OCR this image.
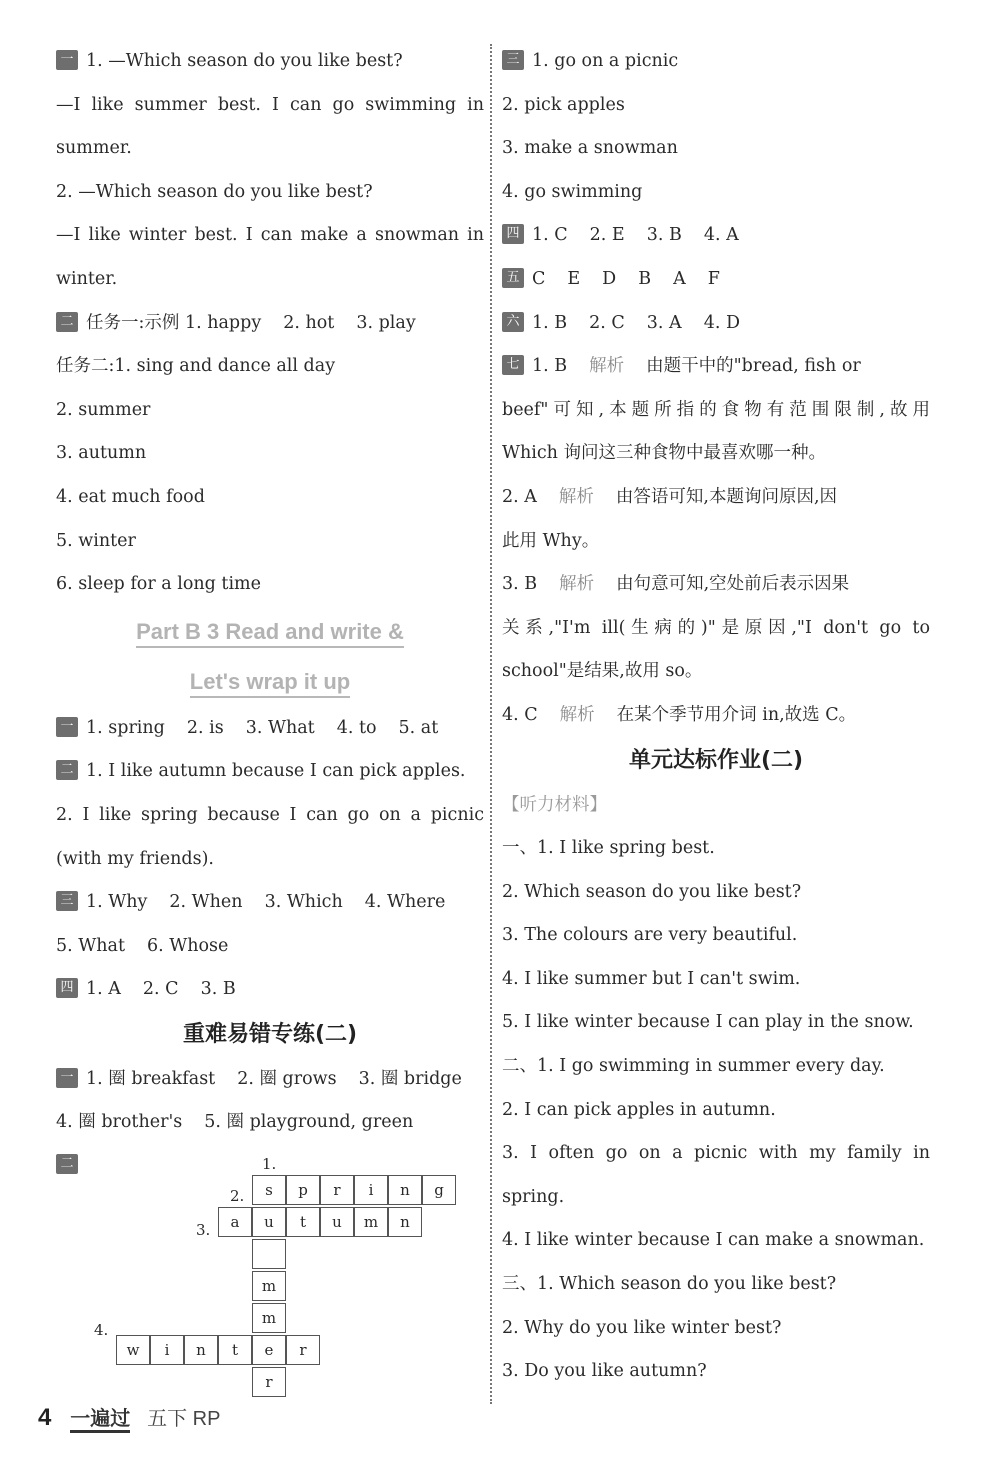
一 1. —Which season do you like best?
—I like summer best. I can go swimming in
summer.
2. —Which season do you like best?
—I like winter best. I can make a snowman in
winter.
二 任务一:示例 1. happy 2. hot 3. play
任务二:1. sing and dance all day
2. summer
3. autumn
4. eat much food
5. winter
6. sleep for a long time
Part B 3 Read and write &
Let's wrap it up
一 1. spring 2. is 3. What 4. to 5. at
二 1. I like autumn because I can pick apples.
2. I like spring because I can go on a picnic
(with my friends).
三 1. Why 2. When 3. Which 4. Where
5. What 6. Whose
四 1. A 2. C 3. B
重难易错专练(二)
一 1. 圈 breakfast 2. 圈 grows 3. 圈 bridge
4. 圈 brother's 5. 圈 playground, green
二	1.
2.
3.
4.
s	p	r	i	n	g
a	u	t	u	m	n
m
m
w	i	n	t	e	r
r
三 1. go on a picnic
2. pick apples
3. make a snowman
4. go swimming
四 1. C 2. E 3. B 4. A
五 C E D B A F
六 1. B 2. C 3. A 4. D
七 1. B 解析 由题干中的"bread, fish or
beef"可知,本题所指的食物有范围限制,故用
Which 询问这三种食物中最喜欢哪一种。
2. A 解析 由答语可知,本题询问原因,因
此用 Why。
3. B 解析 由句意可知,空处前后表示因果
关系,"I'm ill(生病的)"是原因,"I don't go to
school"是结果,故用 so。
4. C 解析 在某个季节用介词 in,故选 C。
单元达标作业(二)
【听力材料】
一、1. I like spring best.
2. Which season do you like best?
3. The colours are very beautiful.
4. I like summer but I can't swim.
5. I like winter because I can play in the snow.
二、1. I go swimming in summer every day.
2. I can pick apples in autumn.
3. I often go on a picnic with my family in
spring.
4. I like winter because I can make a snowman.
三、1. Which season do you like best?
2. Why do you like winter best?
3. Do you like autumn?
4 一遍过 五下 RP
